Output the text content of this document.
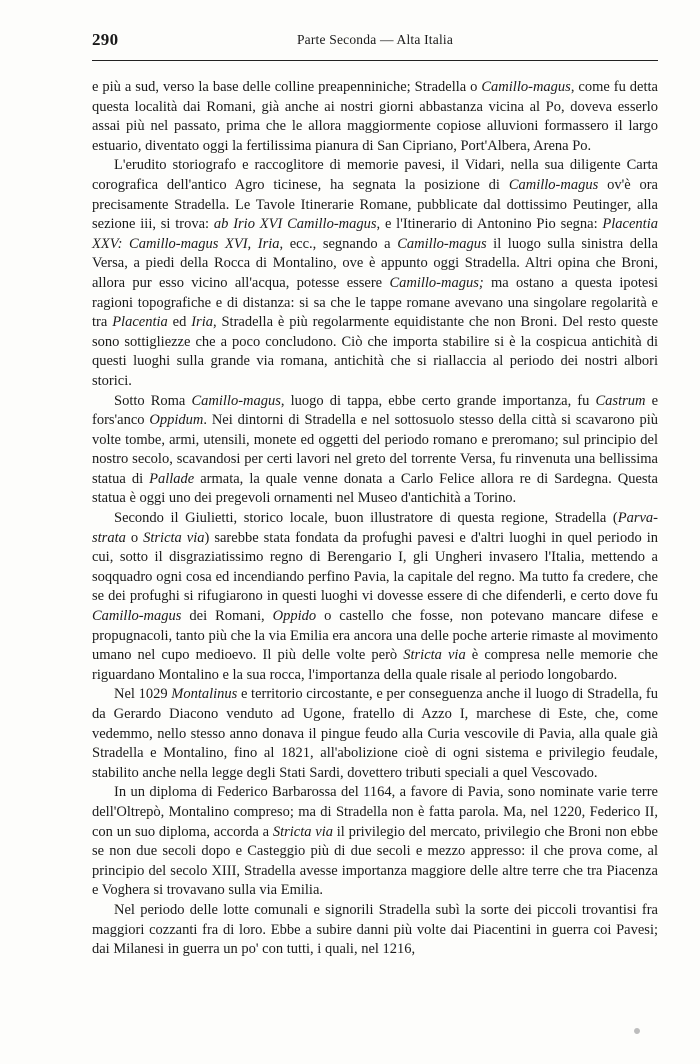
290	Parte Seconda — Alta Italia

e più a sud, verso la base delle colline preapenniniche; Stradella o Camillo-magus, come fu detta questa località dai Romani, già anche ai nostri giorni abbastanza vicina al Po, doveva esserlo assai più nel passato, prima che le allora maggiormente copiose alluvioni formassero il largo estuario, diventato oggi la fertilissima pianura di San Cipriano, Port'Albera, Arena Po.

L'erudito storiografo e raccoglitore di memorie pavesi, il Vidari, nella sua diligente Carta corografica dell'antico Agro ticinese, ha segnata la posizione di Camillo-magus ov'è ora precisamente Stradella. Le Tavole Itinerarie Romane, pubblicate dal dottissimo Peutinger, alla sezione iii, si trova: ab Irio XVI Camillo-magus, e l'Itinerario di Antonino Pio segna: Placentia XXV: Camillo-magus XVI, Iria, ecc., segnando a Camillo-magus il luogo sulla sinistra della Versa, a piedi della Rocca di Montalino, ove è appunto oggi Stradella. Altri opina che Broni, allora pur esso vicino all'acqua, potesse essere Camillo-magus; ma ostano a questa ipotesi ragioni topografiche e di distanza: si sa che le tappe romane avevano una singolare regolarità e tra Placentia ed Iria, Stradella è più regolarmente equidistante che non Broni. Del resto queste sono sottigliezze che a poco concludono. Ciò che importa stabilire si è la cospicua antichità di questi luoghi sulla grande via romana, antichità che si riallaccia al periodo dei nostri albori storici.

Sotto Roma Camillo-magus, luogo di tappa, ebbe certo grande importanza, fu Castrum e fors'anco Oppidum. Nei dintorni di Stradella e nel sottosuolo stesso della città si scavarono più volte tombe, armi, utensili, monete ed oggetti del periodo romano e preromano; sul principio del nostro secolo, scavandosi per certi lavori nel greto del torrente Versa, fu rinvenuta una bellissima statua di Pallade armata, la quale venne donata a Carlo Felice allora re di Sardegna. Questa statua è oggi uno dei pregevoli ornamenti nel Museo d'antichità a Torino.

Secondo il Giulietti, storico locale, buon illustratore di questa regione, Stradella (Parva-strata o Stricta via) sarebbe stata fondata da profughi pavesi e d'altri luoghi in quel periodo in cui, sotto il disgraziatissimo regno di Berengario I, gli Ungheri invasero l'Italia, mettendo a soqquadro ogni cosa ed incendiando perfino Pavia, la capitale del regno. Ma tutto fa credere, che se dei profughi si rifugiarono in questi luoghi vi dovesse essere di che difenderli, e certo dove fu Camillo-magus dei Romani, Oppido o castello che fosse, non potevano mancare difese e propugnacoli, tanto più che la via Emilia era ancora una delle poche arterie rimaste al movimento umano nel cupo medioevo. Il più delle volte però Stricta via è compresa nelle memorie che riguardano Montalino e la sua rocca, l'importanza della quale risale al periodo longobardo.

Nel 1029 Montalinus e territorio circostante, e per conseguenza anche il luogo di Stradella, fu da Gerardo Diacono venduto ad Ugone, fratello di Azzo I, marchese di Este, che, come vedemmo, nello stesso anno donava il pingue feudo alla Curia vescovile di Pavia, alla quale già Stradella e Montalino, fino al 1821, all'abolizione cioè di ogni sistema e privilegio feudale, stabilito anche nella legge degli Stati Sardi, dovettero tributi speciali a quel Vescovado.

In un diploma di Federico Barbarossa del 1164, a favore di Pavia, sono nominate varie terre dell'Oltrepò, Montalino compreso; ma di Stradella non è fatta parola. Ma, nel 1220, Federico II, con un suo diploma, accorda a Stricta via il privilegio del mercato, privilegio che Broni non ebbe se non due secoli dopo e Casteggio più di due secoli e mezzo appresso: il che prova come, al principio del secolo XIII, Stradella avesse importanza maggiore delle altre terre che tra Piacenza e Voghera si trovavano sulla via Emilia.

Nel periodo delle lotte comunali e signorili Stradella subì la sorte dei piccoli trovantisi fra maggiori cozzanti fra di loro. Ebbe a subire danni più volte dai Piacentini in guerra coi Pavesi; dai Milanesi in guerra un po' con tutti, i quali, nel 1216,
